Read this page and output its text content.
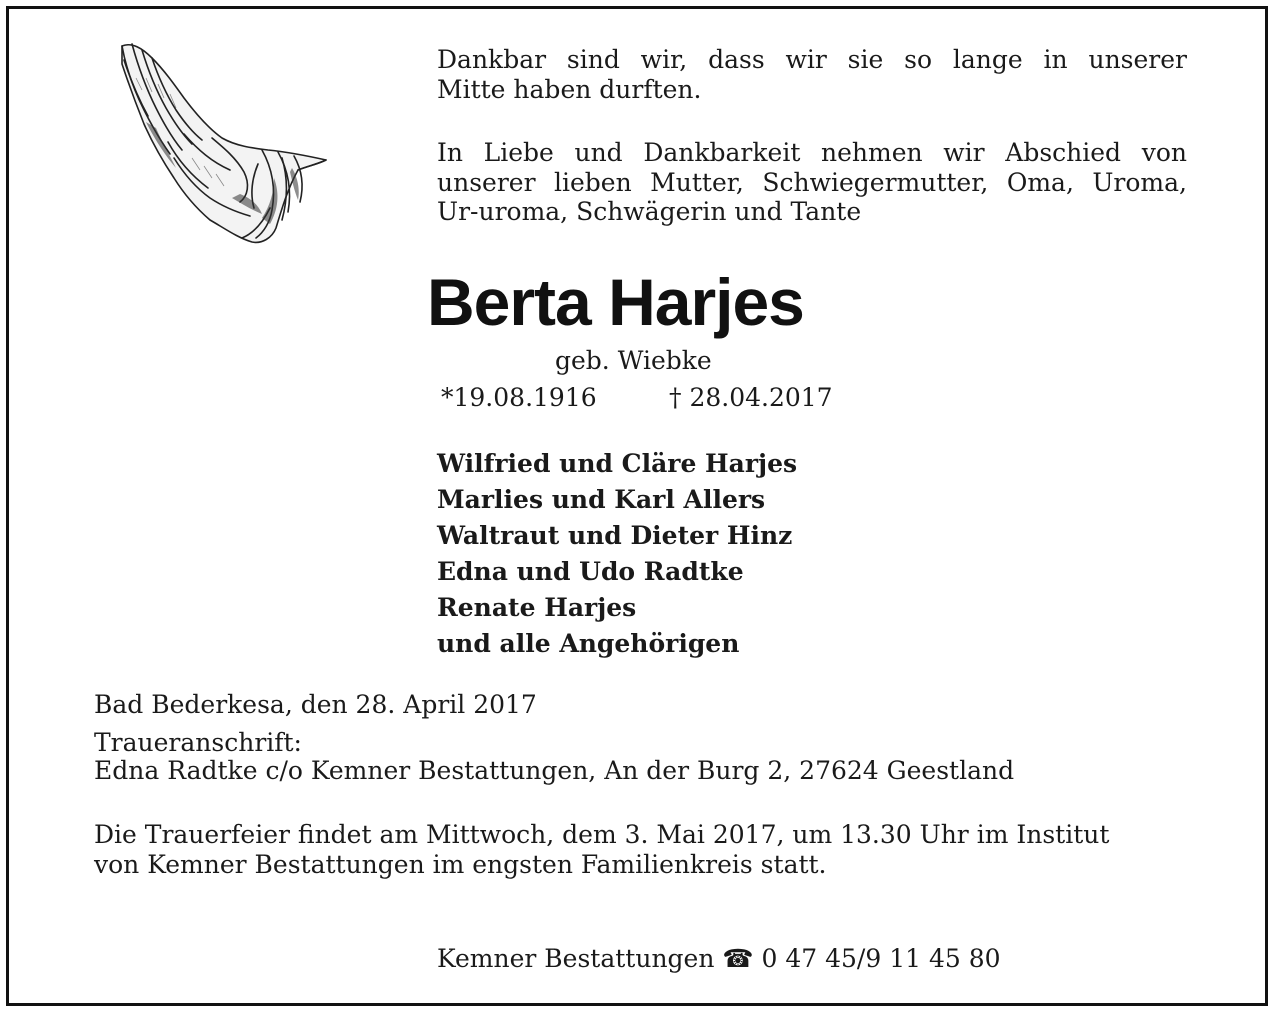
Dankbar sind wir, dass wir sie so lange in unserer
Mitte haben durften.
In Liebe und Dankbarkeit nehmen wir Abschied von
unserer lieben Mutter, Schwiegermutter, Oma, Uroma,
Ur-uroma, Schwägerin und Tante
Berta Harjes
geb. Wiebke
*19.08.1916	† 28.04.2017
Wilfried und Cläre Harjes
Marlies und Karl Allers
Waltraut und Dieter Hinz
Edna und Udo Radtke
Renate Harjes
und alle Angehörigen
Bad Bederkesa, den 28. April 2017
Traueranschrift:
Edna Radtke c/o Kemner Bestattungen, An der Burg 2, 27624 Geestland
Die Trauerfeier findet am Mittwoch, dem 3. Mai 2017, um 13.30 Uhr im Institut
von Kemner Bestattungen im engsten Familienkreis statt.
Kemner Bestattungen ☎ 0 47 45/9 11 45 80
